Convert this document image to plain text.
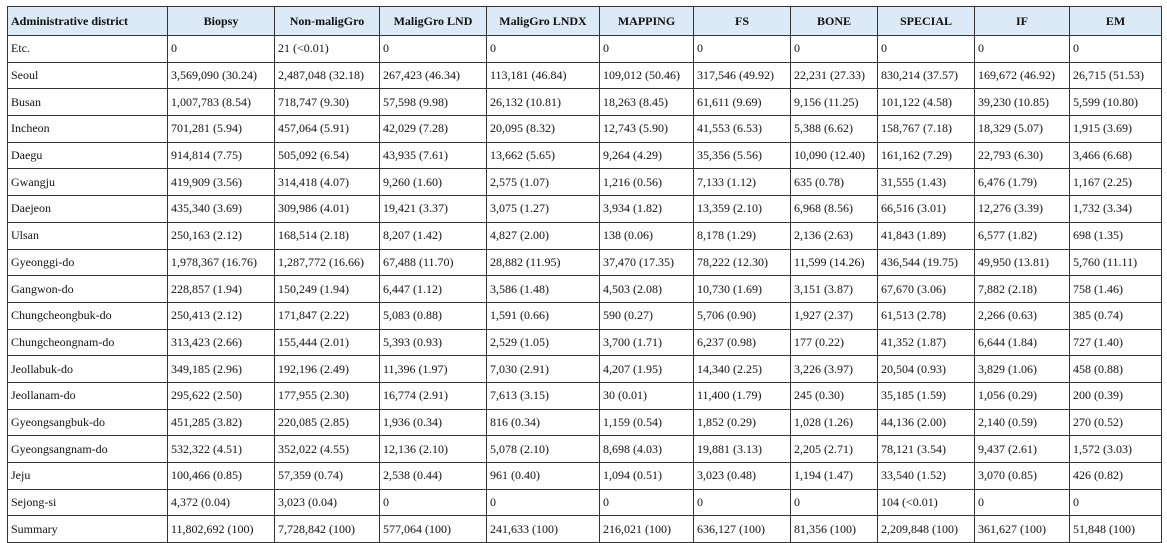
Administrative district	Biopsy	Non-maligGro	MaligGro LND	MaligGro LNDX	MAPPING	FS	BONE	SPECIAL	IF	EM
Etc.	0	21 (<0.01)	0	0	0	0	0	0	0	0
Seoul	3,569,090 (30.24)	2,487,048 (32.18)	267,423 (46.34)	113,181 (46.84)	109,012 (50.46)	317,546 (49.92)	22,231 (27.33)	830,214 (37.57)	169,672 (46.92)	26,715 (51.53)
Busan	1,007,783 (8.54)	718,747 (9.30)	57,598 (9.98)	26,132 (10.81)	18,263 (8.45)	61,611 (9.69)	9,156 (11.25)	101,122 (4.58)	39,230 (10.85)	5,599 (10.80)
Incheon	701,281 (5.94)	457,064 (5.91)	42,029 (7.28)	20,095 (8.32)	12,743 (5.90)	41,553 (6.53)	5,388 (6.62)	158,767 (7.18)	18,329 (5.07)	1,915 (3.69)
Daegu	914,814 (7.75)	505,092 (6.54)	43,935 (7.61)	13,662 (5.65)	9,264 (4.29)	35,356 (5.56)	10,090 (12.40)	161,162 (7.29)	22,793 (6.30)	3,466 (6.68)
Gwangju	419,909 (3.56)	314,418 (4.07)	9,260 (1.60)	2,575 (1.07)	1,216 (0.56)	7,133 (1.12)	635 (0.78)	31,555 (1.43)	6,476 (1.79)	1,167 (2.25)
Daejeon	435,340 (3.69)	309,986 (4.01)	19,421 (3.37)	3,075 (1.27)	3,934 (1.82)	13,359 (2.10)	6,968 (8.56)	66,516 (3.01)	12,276 (3.39)	1,732 (3.34)
Ulsan	250,163 (2.12)	168,514 (2.18)	8,207 (1.42)	4,827 (2.00)	138 (0.06)	8,178 (1.29)	2,136 (2.63)	41,843 (1.89)	6,577 (1.82)	698 (1.35)
Gyeonggi-do	1,978,367 (16.76)	1,287,772 (16.66)	67,488 (11.70)	28,882 (11.95)	37,470 (17.35)	78,222 (12.30)	11,599 (14.26)	436,544 (19.75)	49,950 (13.81)	5,760 (11.11)
Gangwon-do	228,857 (1.94)	150,249 (1.94)	6,447 (1.12)	3,586 (1.48)	4,503 (2.08)	10,730 (1.69)	3,151 (3.87)	67,670 (3.06)	7,882 (2.18)	758 (1.46)
Chungcheongbuk-do	250,413 (2.12)	171,847 (2.22)	5,083 (0.88)	1,591 (0.66)	590 (0.27)	5,706 (0.90)	1,927 (2.37)	61,513 (2.78)	2,266 (0.63)	385 (0.74)
Chungcheongnam-do	313,423 (2.66)	155,444 (2.01)	5,393 (0.93)	2,529 (1.05)	3,700 (1.71)	6,237 (0.98)	177 (0.22)	41,352 (1.87)	6,644 (1.84)	727 (1.40)
Jeollabuk-do	349,185 (2.96)	192,196 (2.49)	11,396 (1.97)	7,030 (2.91)	4,207 (1.95)	14,340 (2.25)	3,226 (3.97)	20,504 (0.93)	3,829 (1.06)	458 (0.88)
Jeollanam-do	295,622 (2.50)	177,955 (2.30)	16,774 (2.91)	7,613 (3.15)	30 (0.01)	11,400 (1.79)	245 (0.30)	35,185 (1.59)	1,056 (0.29)	200 (0.39)
Gyeongsangbuk-do	451,285 (3.82)	220,085 (2.85)	1,936 (0.34)	816 (0.34)	1,159 (0.54)	1,852 (0.29)	1,028 (1.26)	44,136 (2.00)	2,140 (0.59)	270 (0.52)
Gyeongsangnam-do	532,322 (4.51)	352,022 (4.55)	12,136 (2.10)	5,078 (2.10)	8,698 (4.03)	19,881 (3.13)	2,205 (2.71)	78,121 (3.54)	9,437 (2.61)	1,572 (3.03)
Jeju	100,466 (0.85)	57,359 (0.74)	2,538 (0.44)	961 (0.40)	1,094 (0.51)	3,023 (0.48)	1,194 (1.47)	33,540 (1.52)	3,070 (0.85)	426 (0.82)
Sejong-si	4,372 (0.04)	3,023 (0.04)	0	0	0	0	0	104 (<0.01)	0	0
Summary	11,802,692 (100)	7,728,842 (100)	577,064 (100)	241,633 (100)	216,021 (100)	636,127 (100)	81,356 (100)	2,209,848 (100)	361,627 (100)	51,848 (100)
